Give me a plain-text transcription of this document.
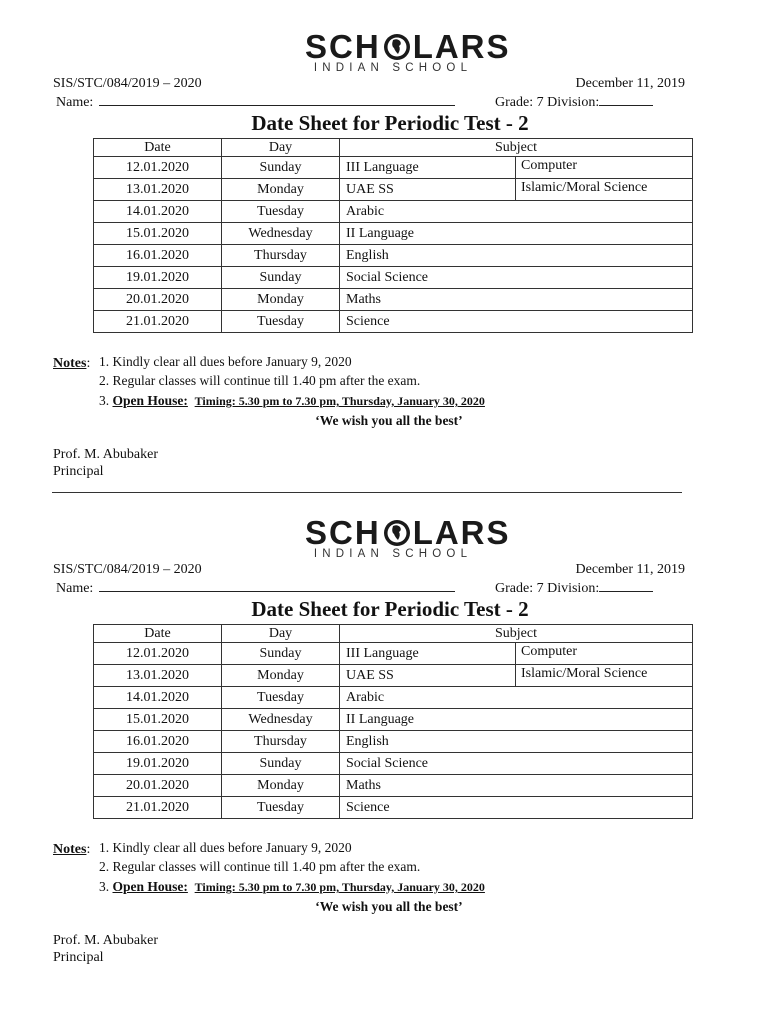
SCH LARS
INDIAN SCHOOL
SIS/STC/084/2019 – 2020	December 11, 2019
Name:	Grade: 7 Division:
Date Sheet for Periodic Test - 2
Date	Day	Subject	
12.01.2020	Sunday	III Language	Computer
13.01.2020	Monday	UAE SS	Islamic/Moral Science
14.01.2020	Tuesday	Arabic	
15.01.2020	Wednesday	II Language	
16.01.2020	Thursday	English	
19.01.2020	Sunday	Social Science	
20.01.2020	Monday	Maths	
21.01.2020	Tuesday	Science	
Notes: 1. Kindly clear all dues before January 9, 2020
2. Regular classes will continue till 1.40 pm after the exam.
3. Open House: Timing: 5.30 pm to 7.30 pm, Thursday, January 30, 2020
‘We wish you all the best’
Prof. M. Abubaker
Principal
SCH LARS
INDIAN SCHOOL
SIS/STC/084/2019 – 2020	December 11, 2019
Name:	Grade: 7 Division:
Date Sheet for Periodic Test - 2
Date	Day	Subject	
12.01.2020	Sunday	III Language	Computer
13.01.2020	Monday	UAE SS	Islamic/Moral Science
14.01.2020	Tuesday	Arabic	
15.01.2020	Wednesday	II Language	
16.01.2020	Thursday	English	
19.01.2020	Sunday	Social Science	
20.01.2020	Monday	Maths	
21.01.2020	Tuesday	Science	
Notes: 1. Kindly clear all dues before January 9, 2020
2. Regular classes will continue till 1.40 pm after the exam.
3. Open House: Timing: 5.30 pm to 7.30 pm, Thursday, January 30, 2020
‘We wish you all the best’
Prof. M. Abubaker
Principal
